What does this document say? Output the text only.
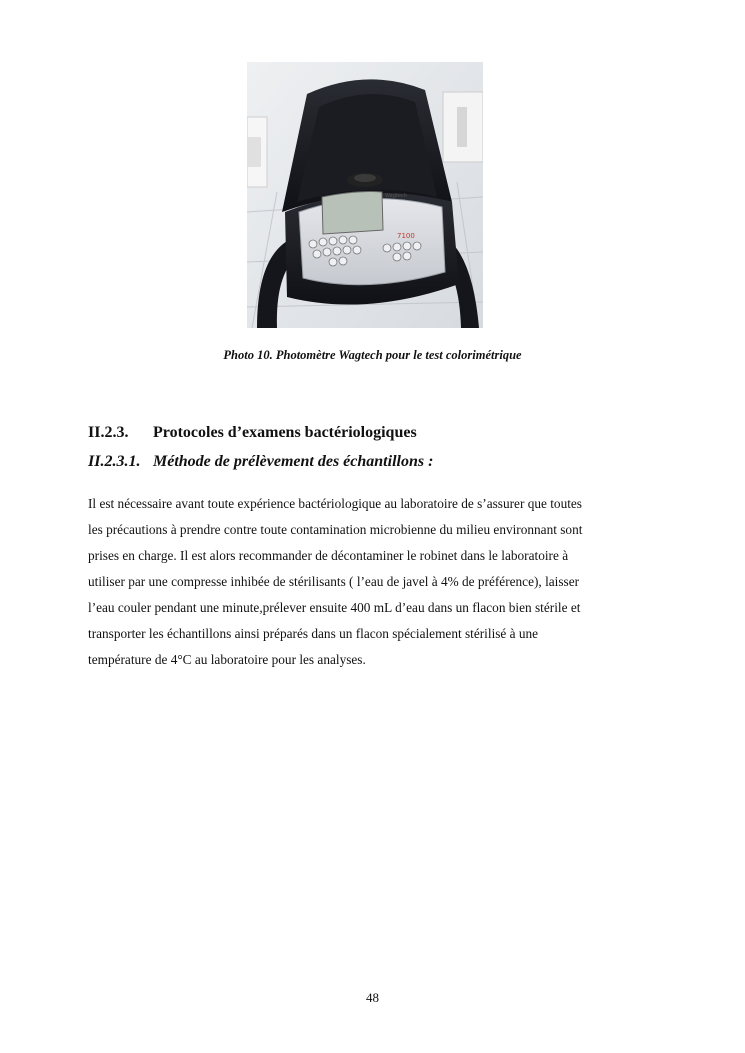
Wagtech
7100
Photo 10. Photomètre Wagtech pour le test colorimétrique
II.2.3. Protocoles d’examens bactériologiques
II.2.3.1. Méthode de prélèvement des échantillons :
Il est nécessaire avant toute expérience bactériologique au laboratoire de s’assurer que toutes
les précautions à prendre contre toute contamination microbienne du milieu environnant sont
prises en charge. Il est alors recommander de décontaminer le robinet dans le laboratoire à
utiliser par une compresse inhibée de stérilisants ( l’eau de javel à 4% de préférence), laisser
l’eau couler pendant une minute,prélever ensuite 400 mL d’eau dans un flacon bien stérile et
transporter les échantillons ainsi préparés dans un flacon spécialement stérilisé à une
température de 4°C au laboratoire pour les analyses.
48
